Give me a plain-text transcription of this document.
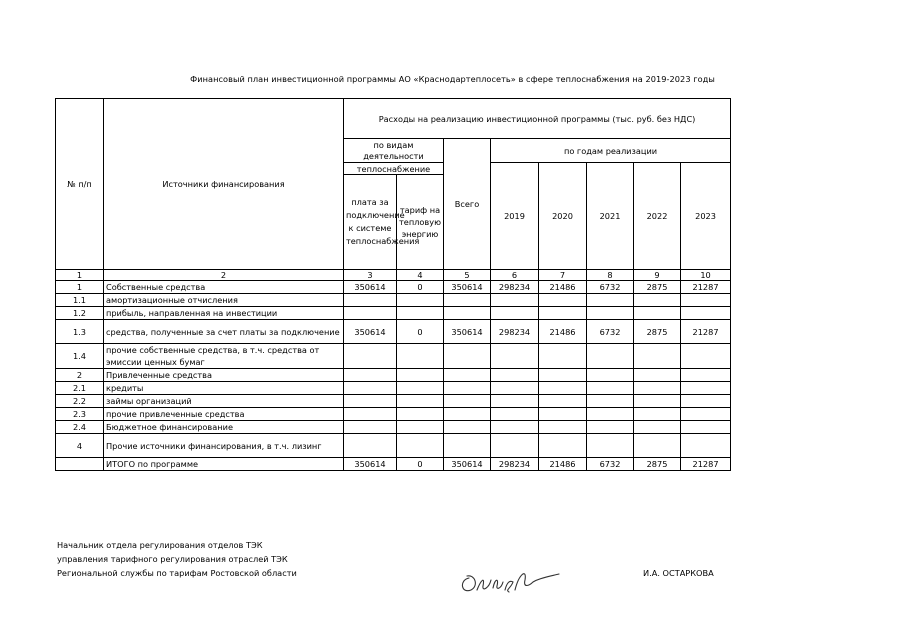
Финансовый план инвестиционной программы АО «Краснодартеплосеть» в сфере теплоснабжения на 2019-2023 годы
№ п/п	Источники финансирования	Расходы на реализацию инвестиционной программы (тыс. руб. без НДС)							
		по видам деятельности		Всего	по годам реализации				
		теплоснабжение			2019	2020	2021	2022	2023
		плата за подключение к системе теплоснабжения	тариф на тепловую энергию						
1	2	3	4	5	6	7	8	9	10
1	Собственные средства	350614	0	350614	298234	21486	6732	2875	21287
1.1	амортизационные отчисления								
1.2	прибыль, направленная на инвестиции								
1.3	средства, полученные за счет платы за подключение	350614	0	350614	298234	21486	6732	2875	21287
1.4	прочие собственные средства, в т.ч. средства от эмиссии ценных бумаг								
2	Привлеченные средства								
2.1	кредиты								
2.2	займы организаций								
2.3	прочие привлеченные средства								
2.4	Бюджетное финансирование								
4	Прочие источники финансирования, в т.ч. лизинг								
	ИТОГО по программе	350614	0	350614	298234	21486	6732	2875	21287
Начальник отдела регулирования отделов ТЭК
управления тарифного регулирования отраслей ТЭК
Региональной службы по тарифам Ростовской области	И.А. ОСТАРКОВА
